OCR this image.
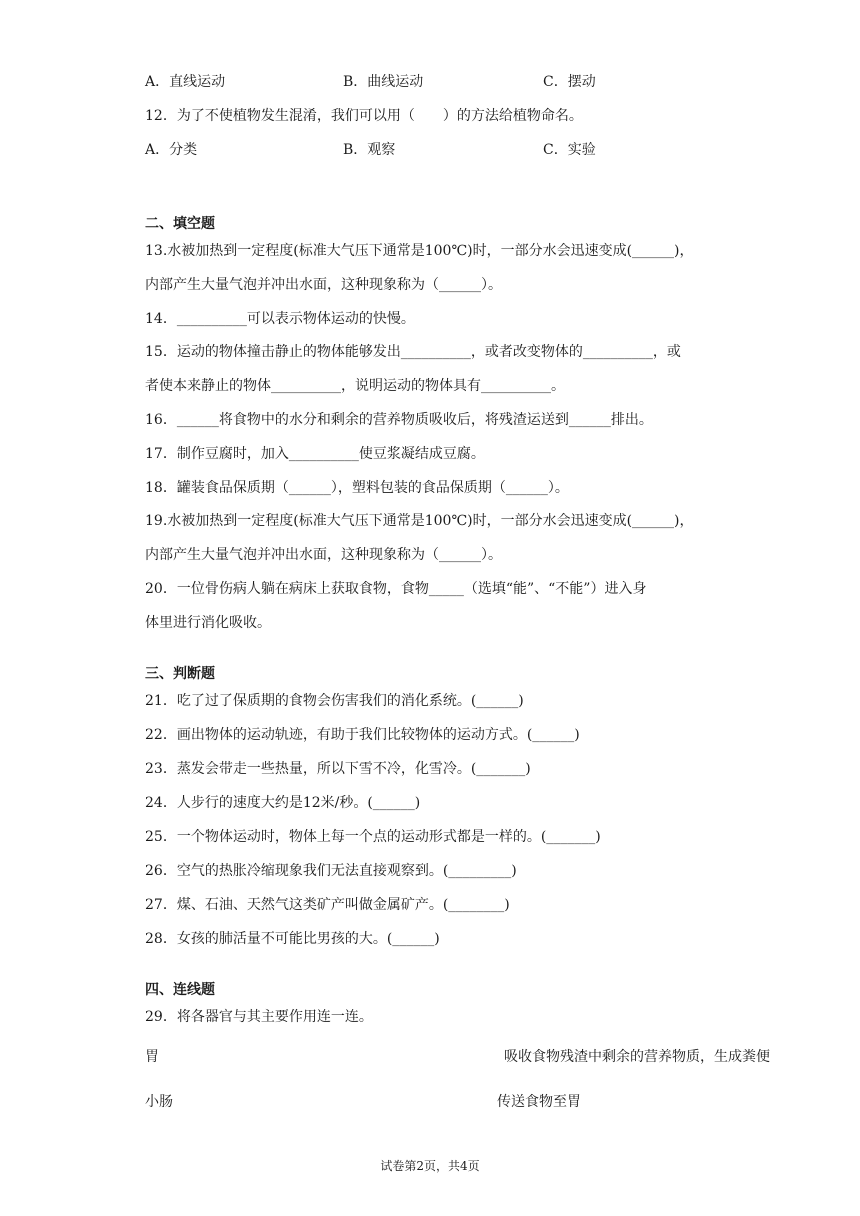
A．直线运动	B．曲线运动	C．摆动
12．为了不使植物发生混淆，我们可以用（　　）的方法给植物命名。
A．分类	B．观察	C．实验
二、填空题
13.水被加热到一定程度(标准大气压下通常是100℃)时，一部分水会迅速变成(______)，
内部产生大量气泡并冲出水面，这种现象称为（______）。
14．__________可以表示物体运动的快慢。
15．运动的物体撞击静止的物体能够发出__________，或者改变物体的__________，或
者使本来静止的物体__________，说明运动的物体具有__________。
16．______将食物中的水分和剩余的营养物质吸收后，将残渣运送到______排出。
17．制作豆腐时，加入__________使豆浆凝结成豆腐。
18．罐装食品保质期（______），塑料包装的食品保质期（______）。
19.水被加热到一定程度(标准大气压下通常是100℃)时，一部分水会迅速变成(______)，
内部产生大量气泡并冲出水面，这种现象称为（______）。
20．一位骨伤病人躺在病床上获取食物，食物_____（选填“能”、“不能”）进入身
体里进行消化吸收。
三、判断题
21．吃了过了保质期的食物会伤害我们的消化系统。(______)
22．画出物体的运动轨迹，有助于我们比较物体的运动方式。(______)
23．蒸发会带走一些热量，所以下雪不冷，化雪冷。(_______)
24．人步行的速度大约是12米/秒。(______)
25．一个物体运动时，物体上每一个点的运动形式都是一样的。(_______)
26．空气的热胀冷缩现象我们无法直接观察到。(_________)
27．煤、石油、天然气这类矿产叫做金属矿产。(________)
28．女孩的肺活量不可能比男孩的大。(______)
四、连线题
29．将各器官与其主要作用连一连。
胃	吸收食物残渣中剩余的营养物质，生成粪便
小肠	传送食物至胃
试卷第2页，共4页
